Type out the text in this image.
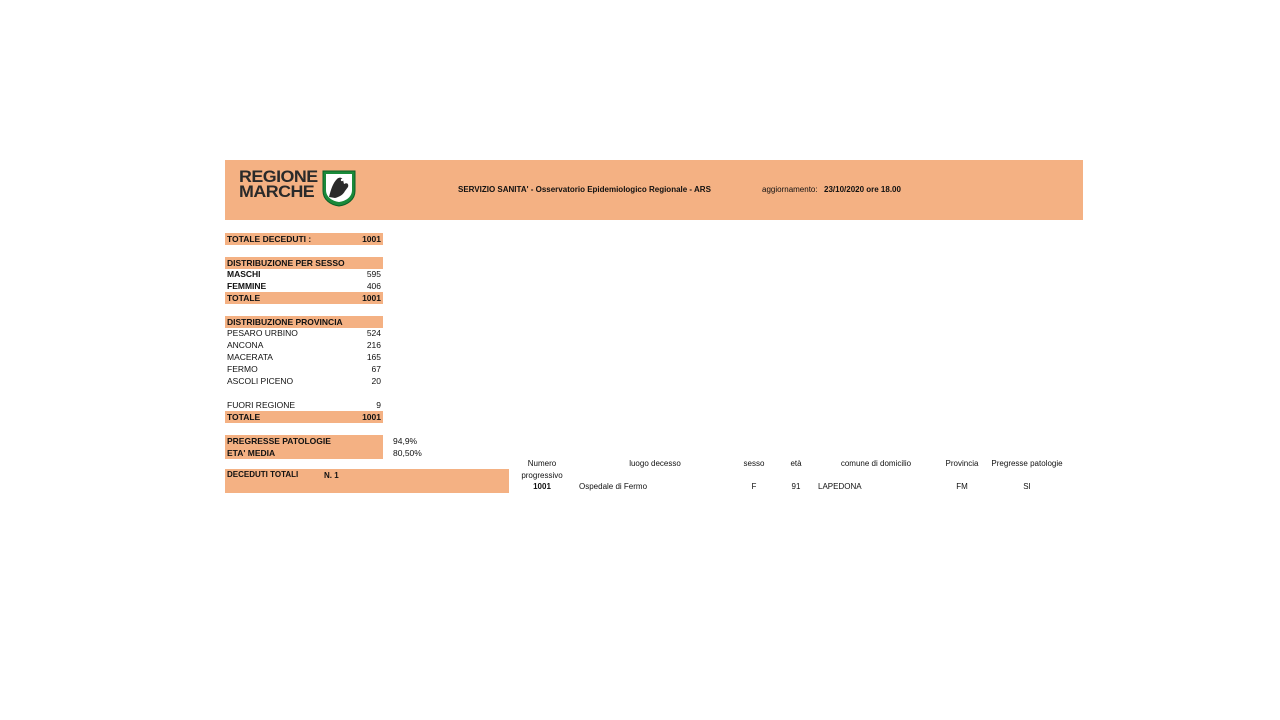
REGIONE
MARCHE	SERVIZIO SANITA' - Osservatorio Epidemiologico Regionale - ARS	aggiornamento: 23/10/2020 ore 18.00
TOTALE DECEDUTI :	1001
DISTRIBUZIONE PER SESSO
MASCHI	595
FEMMINE	406
TOTALE	1001
DISTRIBUZIONE PROVINCIA
PESARO URBINO	524
ANCONA	216
MACERATA	165
FERMO	67
ASCOLI PICENO	20
FUORI REGIONE	9
TOTALE	1001
PREGRESSE PATOLOGIE	94,9%
ETA' MEDIA	80,50%
DECEDUTI TOTALI	N. 1
Numero
progressivo
luogo decesso	sesso	età	comune di domicilio	Provincia	Pregresse patologie
1001	Ospedale di Fermo	F	91	LAPEDONA	FM	SI
